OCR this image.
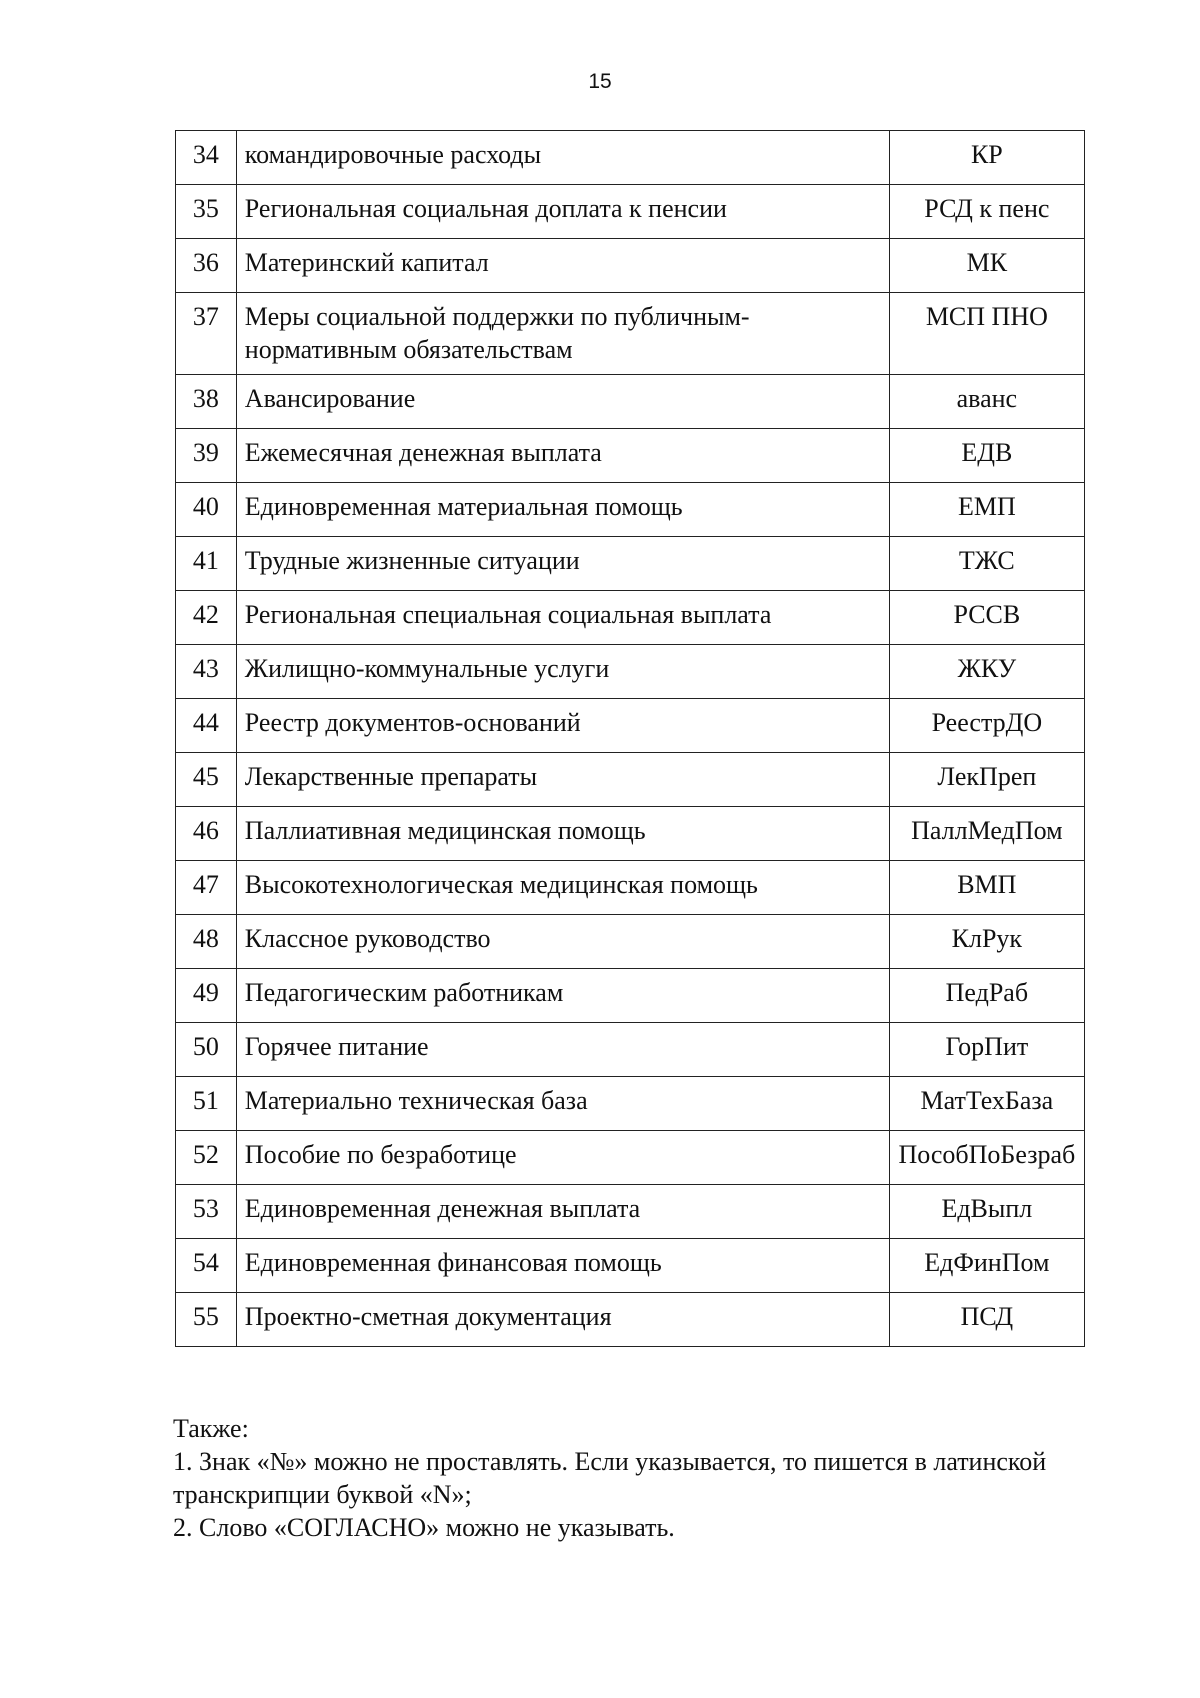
15
34	командировочные расходы	КР
35	Региональная социальная доплата к пенсии	РСД к пенс
36	Материнский капитал	МК
37	Меры социальной поддержки по публичным-нормативным обязательствам	МСП ПНО
38	Авансирование	аванс
39	Ежемесячная денежная выплата	ЕДВ
40	Единовременная материальная помощь	ЕМП
41	Трудные жизненные ситуации	ТЖС
42	Региональная специальная социальная выплата	РССВ
43	Жилищно-коммунальные услуги	ЖКУ
44	Реестр документов-оснований	РеестрДО
45	Лекарственные препараты	ЛекПреп
46	Паллиативная медицинская помощь	ПаллМедПом
47	Высокотехнологическая медицинская помощь	ВМП
48	Классное руководство	КлРук
49	Педагогическим работникам	ПедРаб
50	Горячее питание	ГорПит
51	Материально техническая база	МатТехБаза
52	Пособие по безработице	ПособПоБезраб
53	Единовременная денежная выплата	ЕдВыпл
54	Единовременная финансовая помощь	ЕдФинПом
55	Проектно-сметная документация	ПСД

Также:

1. Знак «№» можно не проставлять. Если указывается, то пишется в латинской транскрипции буквой «N»;

2. Слово «СОГЛАСНО» можно не указывать.
